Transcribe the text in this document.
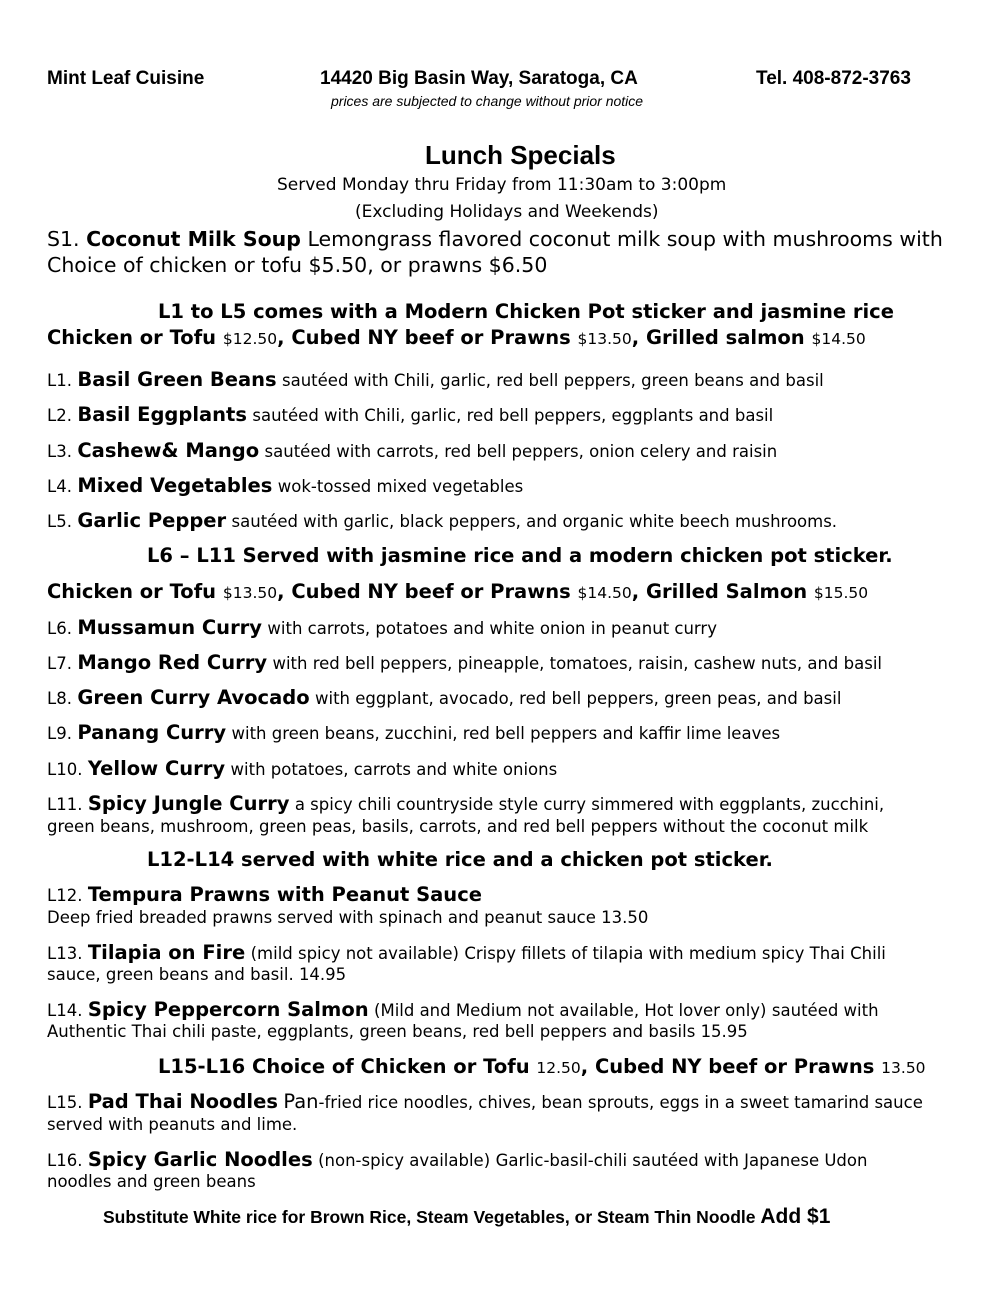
Mint Leaf Cuisine	14420 Big Basin Way, Saratoga, CA	Tel. 408-872-3763
prices are subjected to change without prior notice
Lunch Specials
Served Monday thru Friday from 11:30am to 3:00pm
(Excluding Holidays and Weekends)
S1. Coconut Milk Soup Lemongrass flavored coconut milk soup with mushrooms with
Choice of chicken or tofu $5.50, or prawns $6.50
L1 to L5 comes with a Modern Chicken Pot sticker and jasmine rice
Chicken or Tofu $12.50, Cubed NY beef or Prawns $13.50, Grilled salmon $14.50
L1. Basil Green Beans sautéed with Chili, garlic, red bell peppers, green beans and basil
L2. Basil Eggplants sautéed with Chili, garlic, red bell peppers, eggplants and basil
L3. Cashew& Mango sautéed with carrots, red bell peppers, onion celery and raisin
L4. Mixed Vegetables wok-tossed mixed vegetables
L5. Garlic Pepper sautéed with garlic, black peppers, and organic white beech mushrooms.
L6 – L11 Served with jasmine rice and a modern chicken pot sticker.
Chicken or Tofu $13.50, Cubed NY beef or Prawns $14.50, Grilled Salmon $15.50
L6. Mussamun Curry with carrots, potatoes and white onion in peanut curry
L7. Mango Red Curry with red bell peppers, pineapple, tomatoes, raisin, cashew nuts, and basil
L8. Green Curry Avocado with eggplant, avocado, red bell peppers, green peas, and basil
L9. Panang Curry with green beans, zucchini, red bell peppers and kaffir lime leaves
L10. Yellow Curry with potatoes, carrots and white onions
L11. Spicy Jungle Curry a spicy chili countryside style curry simmered with eggplants, zucchini,
green beans, mushroom, green peas, basils, carrots, and red bell peppers without the coconut milk
L12-L14 served with white rice and a chicken pot sticker.
L12. Tempura Prawns with Peanut Sauce
Deep fried breaded prawns served with spinach and peanut sauce 13.50
L13. Tilapia on Fire (mild spicy not available) Crispy fillets of tilapia with medium spicy Thai Chili
sauce, green beans and basil. 14.95
L14. Spicy Peppercorn Salmon (Mild and Medium not available, Hot lover only) sautéed with
Authentic Thai chili paste, eggplants, green beans, red bell peppers and basils 15.95
L15-L16 Choice of Chicken or Tofu 12.50, Cubed NY beef or Prawns 13.50
L15. Pad Thai Noodles Pan-fried rice noodles, chives, bean sprouts, eggs in a sweet tamarind sauce
served with peanuts and lime.
L16. Spicy Garlic Noodles (non-spicy available) Garlic-basil-chili sautéed with Japanese Udon
noodles and green beans
Substitute White rice for Brown Rice, Steam Vegetables, or Steam Thin Noodle Add $1
